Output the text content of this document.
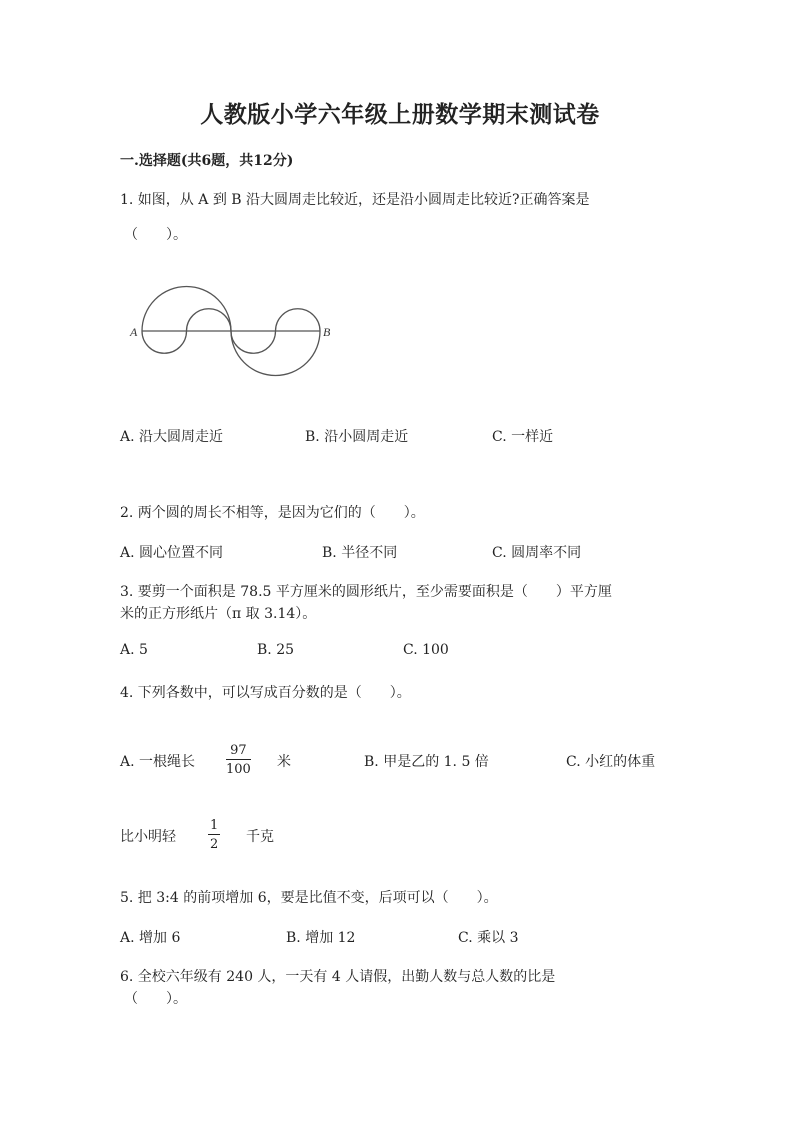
人教版小学六年级上册数学期末测试卷
一.选择题(共6题，共12分)
1. 如图，从 A 到 B 沿大圆周走比较近，还是沿小圆周走比较近?正确答案是
（　　）。
A	B
A. 沿大圆周走近	B. 沿小圆周走近	C. 一样近
2. 两个圆的周长不相等，是因为它们的（　　）。
A. 圆心位置不同	B. 半径不同	C. 圆周率不同
3. 要剪一个面积是 78.5 平方厘米的圆形纸片，至少需要面积是（　　）平方厘
米的正方形纸片（π 取 3.14）。
A. 5	B. 25	C. 100
4. 下列各数中，可以写成百分数的是（　　）。
A. 一根绳长
97
100 米	B. 甲是乙的 1. 5 倍	C. 小红的体重
比小明轻
1
2 千克
5. 把 3:4 的前项增加 6，要是比值不变，后项可以（　　）。
A. 增加 6	B. 增加 12	C. 乘以 3
6. 全校六年级有 240 人，一天有 4 人请假，出勤人数与总人数的比是
（　　）。
